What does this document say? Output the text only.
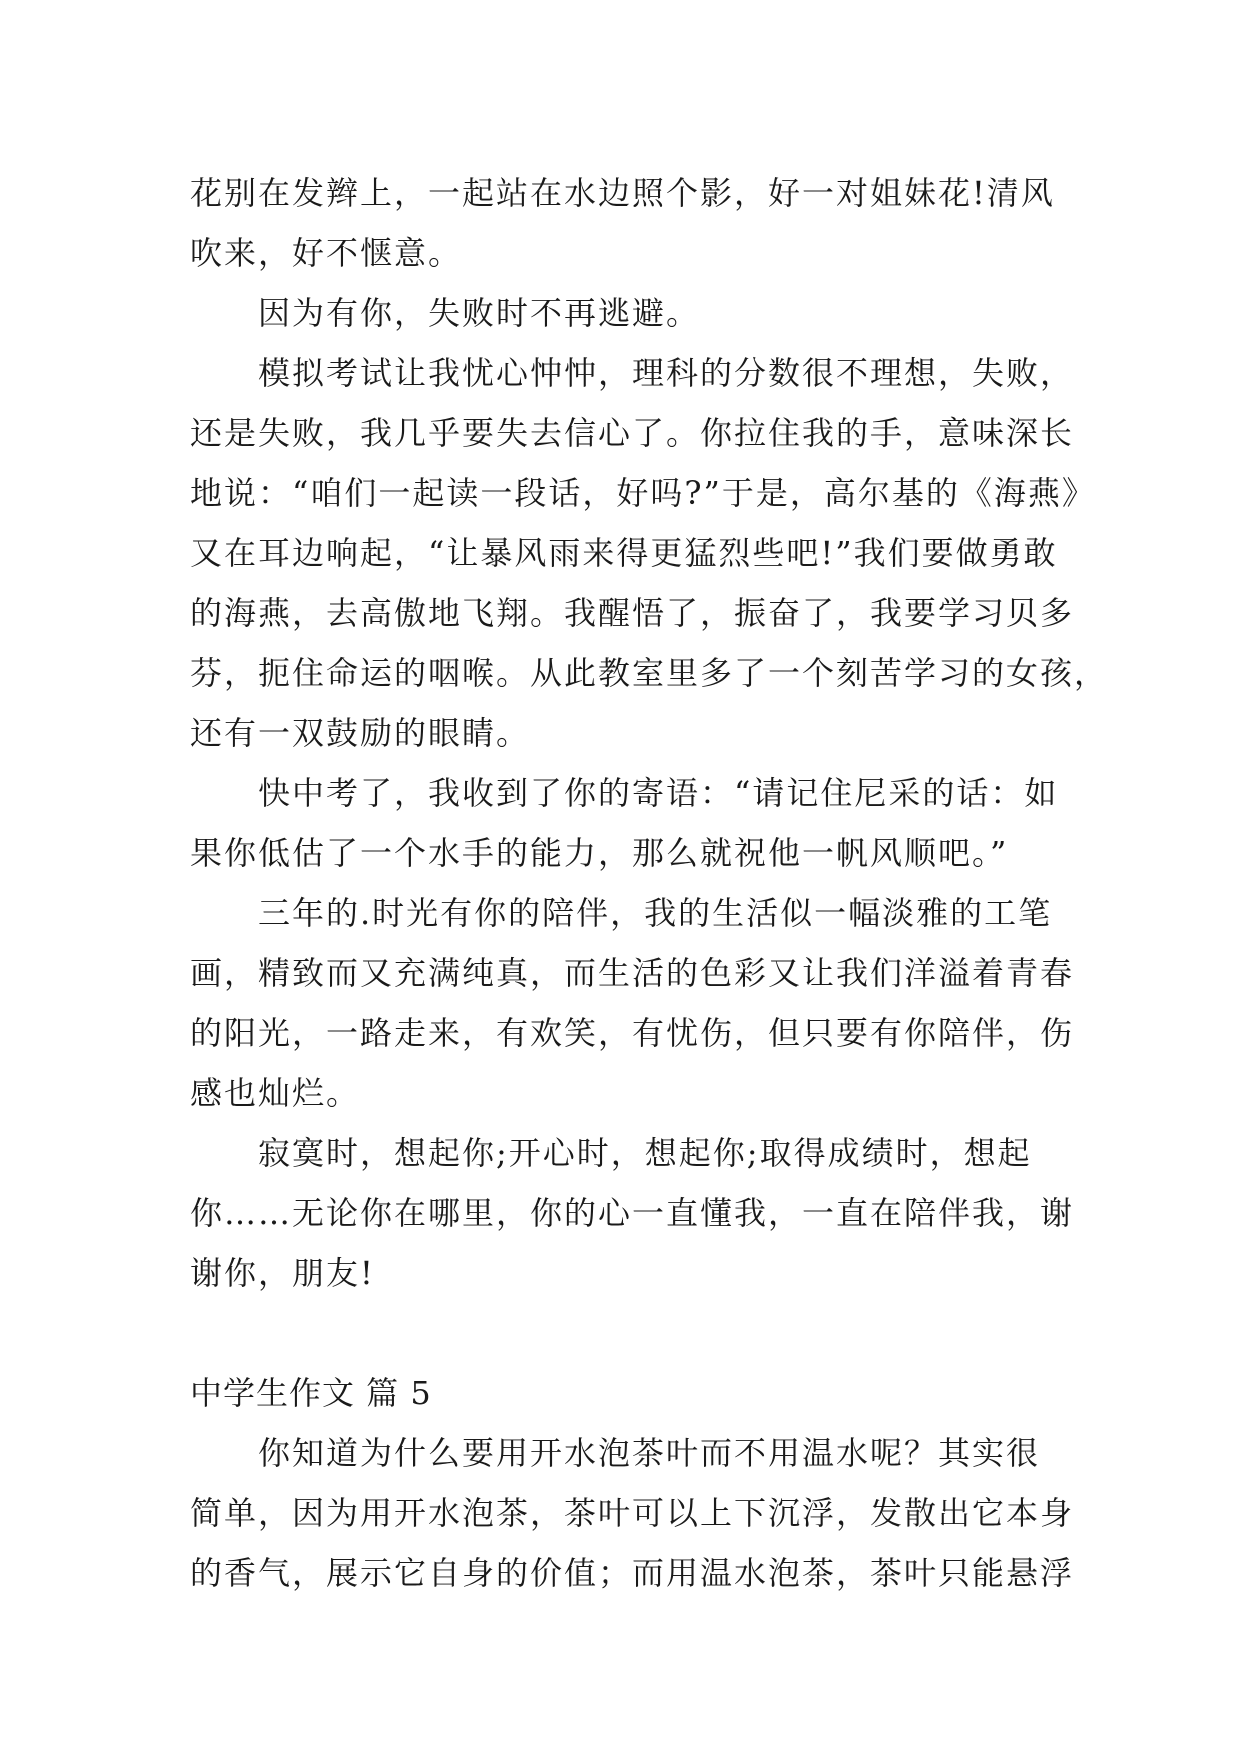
花别在发辫上，一起站在水边照个影，好一对姐妹花!清风
吹来，好不惬意。
因为有你，失败时不再逃避。
模拟考试让我忧心忡忡，理科的分数很不理想，失败，
还是失败，我几乎要失去信心了。你拉住我的手，意味深长
地说：“咱们一起读一段话，好吗?”于是，高尔基的《海燕》
又在耳边响起，“让暴风雨来得更猛烈些吧!”我们要做勇敢
的海燕，去高傲地飞翔。我醒悟了，振奋了，我要学习贝多
芬，扼住命运的咽喉。从此教室里多了一个刻苦学习的女孩，
还有一双鼓励的眼睛。
快中考了，我收到了你的寄语：“请记住尼采的话：如
果你低估了一个水手的能力，那么就祝他一帆风顺吧。”
三年的.时光有你的陪伴，我的生活似一幅淡雅的工笔
画，精致而又充满纯真，而生活的色彩又让我们洋溢着青春
的阳光，一路走来，有欢笑，有忧伤，但只要有你陪伴，伤
感也灿烂。
寂寞时，想起你;开心时，想起你;取得成绩时，想起
你……无论你在哪里，你的心一直懂我，一直在陪伴我，谢
谢你，朋友!
中学生作文 篇 5
你知道为什么要用开水泡茶叶而不用温水呢？其实很
简单，因为用开水泡茶，茶叶可以上下沉浮，发散出它本身
的香气，展示它自身的价值；而用温水泡茶，茶叶只能悬浮
